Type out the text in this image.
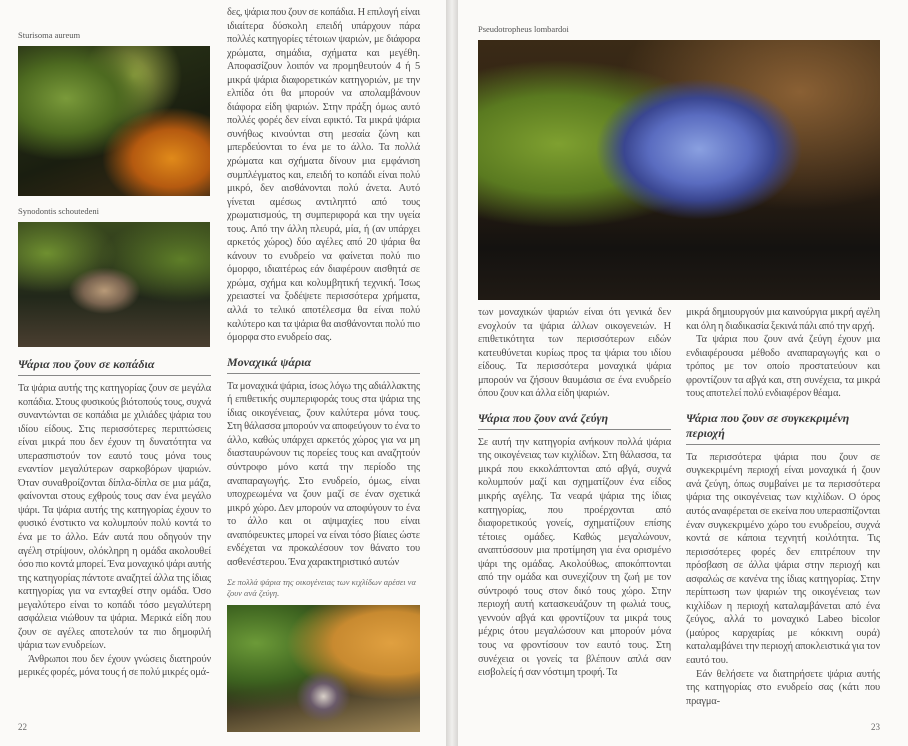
Sturisoma aureum
Synodontis schoutedeni
Ψάρια που ζουν σε κοπάδια

Τα ψάρια αυτής της κατηγορίας ζουν σε μεγάλα κοπάδια. Στους φυσικούς βιότοπούς τους, συχνά συναντώνται σε κοπάδια με χιλιάδες ψάρια του ιδίου είδους. Στις περισσότερες περιπτώσεις είναι μικρά που δεν έχουν τη δυνατότητα να υπερασπιστούν τον εαυτό τους μόνα τους εναντίον μεγαλύτερων σαρκοβόρων ψαριών. Όταν συναθροίζονται δίπλα-δίπλα σε μια μάζα, φαίνονται στους εχθρούς τους σαν ένα μεγάλο ψάρι. Τα ψάρια αυτής της κατηγορίας έχουν το φυσικό ένστικτο να κολυμπούν πολύ κοντά το ένα με το άλλο. Εάν αυτά που οδηγούν την αγέλη στρίψουν, ολόκληρη η ομάδα ακολουθεί όσο πιο κοντά μπορεί. Ένα μοναχικό ψάρι αυτής της κατηγορίας πάντοτε αναζητεί άλλα της ίδιας κατηγορίας για να ενταχθεί στην ομάδα. Όσο μεγαλύτερο είναι το κοπάδι τόσο μεγαλύτερη ασφάλεια νιώθουν τα ψάρια. Μερικά είδη που ζουν σε αγέλες αποτελούν τα πιο δημοφιλή ψάρια των ενυδρείων.

Άνθρωποι που δεν έχουν γνώσεις διατηρούν μερικές φορές, μόνα τους ή σε πολύ μικρές ομά-

22

δες, ψάρια που ζουν σε κοπάδια. Η επιλογή είναι ιδιαίτερα δύσκολη επειδή υπάρχουν πάρα πολλές κατηγορίες τέτοιων ψαριών, με διάφορα χρώματα, σημάδια, σχήματα και μεγέθη. Αποφασίζουν λοιπόν να προμηθευτούν 4 ή 5 μικρά ψάρια διαφορετικών κατηγοριών, με την ελπίδα ότι θα μπορούν να απολαμβάνουν διάφορα είδη ψαριών. Στην πράξη όμως αυτό πολλές φορές δεν είναι εφικτό. Τα μικρά ψάρια συνήθως κινούνται στη μεσαία ζώνη και μπερδεύονται το ένα με το άλλο. Τα πολλά χρώματα και σχήματα δίνουν μια εμφάνιση συμπλέγματος και, επειδή το κοπάδι είναι πολύ μικρό, δεν αισθάνονται πολύ άνετα. Αυτό γίνεται αμέσως αντιληπτό από τους χρωματισμούς, τη συμπεριφορά και την υγεία τους. Από την άλλη πλευρά, μία, ή (αν υπάρχει αρκετός χώρος) δύο αγέλες από 20 ψάρια θα κάνουν το ενυδρείο να φαίνεται πολύ πιο όμορφο, ιδιαιτέρως εάν διαφέρουν αισθητά σε χρώμα, σχήμα και κολυμβητική τεχνική. Ίσως χρειαστεί να ξοδέψετε περισσότερα χρήματα, αλλά το τελικό αποτέλεσμα θα είναι πολύ καλύτερο και τα ψάρια θα αισθάνονται πολύ πιο όμορφα στο ενυδρείο σας.

Μοναχικά ψάρια

Τα μοναχικά ψάρια, ίσως λόγω της αδιάλλακτης ή επιθετικής συμπεριφοράς τους στα ψάρια της ίδιας οικογένειας, ζουν καλύτερα μόνα τους. Στη θάλασσα μπορούν να αποφεύγουν το ένα το άλλο, καθώς υπάρχει αρκετός χώρος για να μη διασταυρώνουν τις πορείες τους και αναζητούν σύντροφο μόνο κατά την περίοδο της αναπαραγωγής. Στο ενυδρείο, όμως, είναι υποχρεωμένα να ζουν μαζί σε έναν σχετικά μικρό χώρο. Δεν μπορούν να αποφύγουν το ένα το άλλο και οι αψιμαχίες που είναι αναπόφευκτες μπορεί να είναι τόσο βίαιες ώστε ενδέχεται να προκαλέσουν τον θάνατο του ασθενέστερου. Ένα χαρακτηριστικό αυτών

Σε πολλά ψάρια της οικογένειας των κιχλίδων αρέσει να ζουν ανά ζεύγη.
Pseudotropheus lombardoi

των μοναχικών ψαριών είναι ότι γενικά δεν ενοχλούν τα ψάρια άλλων οικογενειών. Η επιθετικότητα των περισσότερων ειδών κατευθύνεται κυρίως προς τα ψάρια του ιδίου είδους. Τα περισσότερα μοναχικά ψάρια μπορούν να ζήσουν θαυμάσια σε ένα ενυδρείο όπου ζουν και άλλα είδη ψαριών.

Ψάρια που ζουν ανά ζεύγη

Σε αυτή την κατηγορία ανήκουν πολλά ψάρια της οικογένειας των κιχλίδων. Στη θάλασσα, τα μικρά που εκκολάπτονται από αβγά, συχνά κολυμπούν μαζί και σχηματίζουν ένα είδος μικρής αγέλης. Τα νεαρά ψάρια της ίδιας κατηγορίας, που προέρχονται από διαφορετικούς γονείς, σχηματίζουν επίσης τέτοιες ομάδες. Καθώς μεγαλώνουν, αναπτύσσουν μια προτίμηση για ένα ορισμένο ψάρι της ομάδας. Ακολούθως, αποκόπτονται από την ομάδα και συνεχίζουν τη ζωή με τον σύντροφό τους στον δικό τους χώρο. Στην περιοχή αυτή κατασκευάζουν τη φωλιά τους, γεννούν αβγά και φροντίζουν τα μικρά τους μέχρις ότου μεγαλώσουν και μπορούν μόνα τους να φροντίσουν τον εαυτό τους. Στη συνέχεια οι γονείς τα βλέπουν απλά σαν εισβολείς ή σαν νόστιμη τροφή. Τα

μικρά δημιουργούν μια καινούργια μικρή αγέλη και όλη η διαδικασία ξεκινά πάλι από την αρχή.

Τα ψάρια που ζουν ανά ζεύγη έχουν μια ενδιαφέρουσα μέθοδο αναπαραγωγής και ο τρόπος με τον οποίο προστατεύουν και φροντίζουν τα αβγά και, στη συνέχεια, τα μικρά τους αποτελεί πολύ ενδιαφέρον θέαμα.

Ψάρια που ζουν σε συγκεκριμένη περιοχή

Τα περισσότερα ψάρια που ζουν σε συγκεκριμένη περιοχή είναι μοναχικά ή ζουν ανά ζεύγη, όπως συμβαίνει με τα περισσότερα ψάρια της οικογένειας των κιχλίδων. Ο όρος αυτός αναφέρεται σε εκείνα που υπερασπίζονται έναν συγκεκριμένο χώρο του ενυδρείου, συχνά κοντά σε κάποια τεχνητή κοιλότητα. Τις περισσότερες φορές δεν επιτρέπουν την πρόσβαση σε άλλα ψάρια στην περιοχή και ασφαλώς σε κανένα της ίδιας κατηγορίας. Στην περίπτωση των ψαριών της οικογένειας των κιχλίδων η περιοχή καταλαμβάνεται από ένα ζεύγος, αλλά το μοναχικό Labeo bicolor (μαύρος καρχαρίας με κόκκινη ουρά) καταλαμβάνει την περιοχή αποκλειστικά για τον εαυτό του.

Εάν θελήσετε να διατηρήσετε ψάρια αυτής της κατηγορίας στο ενυδρείο σας (κάτι που πραγμα-

23
